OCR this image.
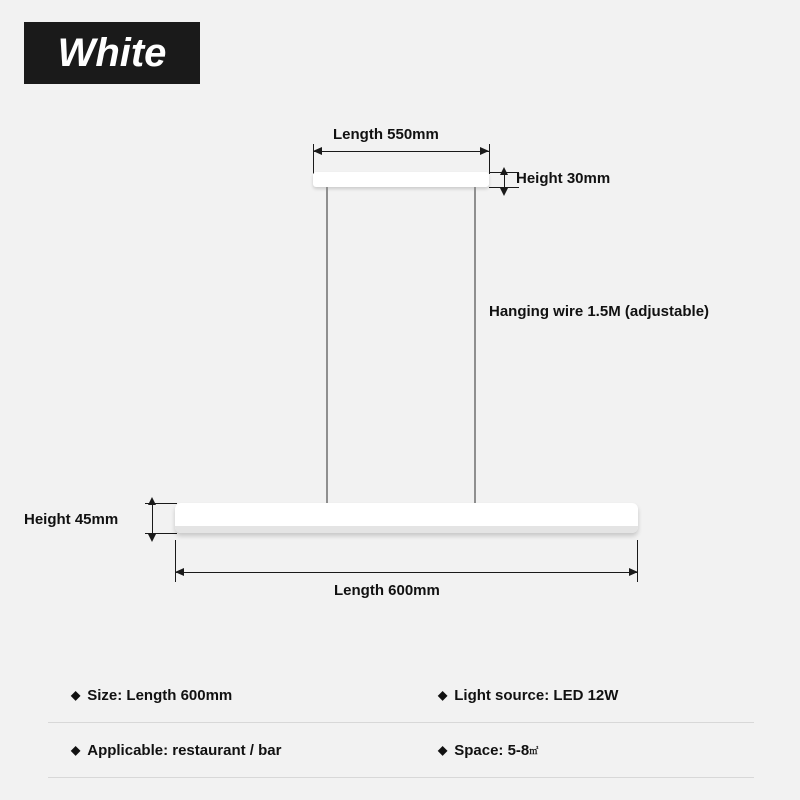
White
Length 550mm
Height 30mm
Hanging wire 1.5M (adjustable)
Height 45mm
Length 600mm
◆ Size: Length 600mm	◆ Light source: LED 12W
◆ Applicable: restaurant / bar	◆ Space: 5-8 ㎡
